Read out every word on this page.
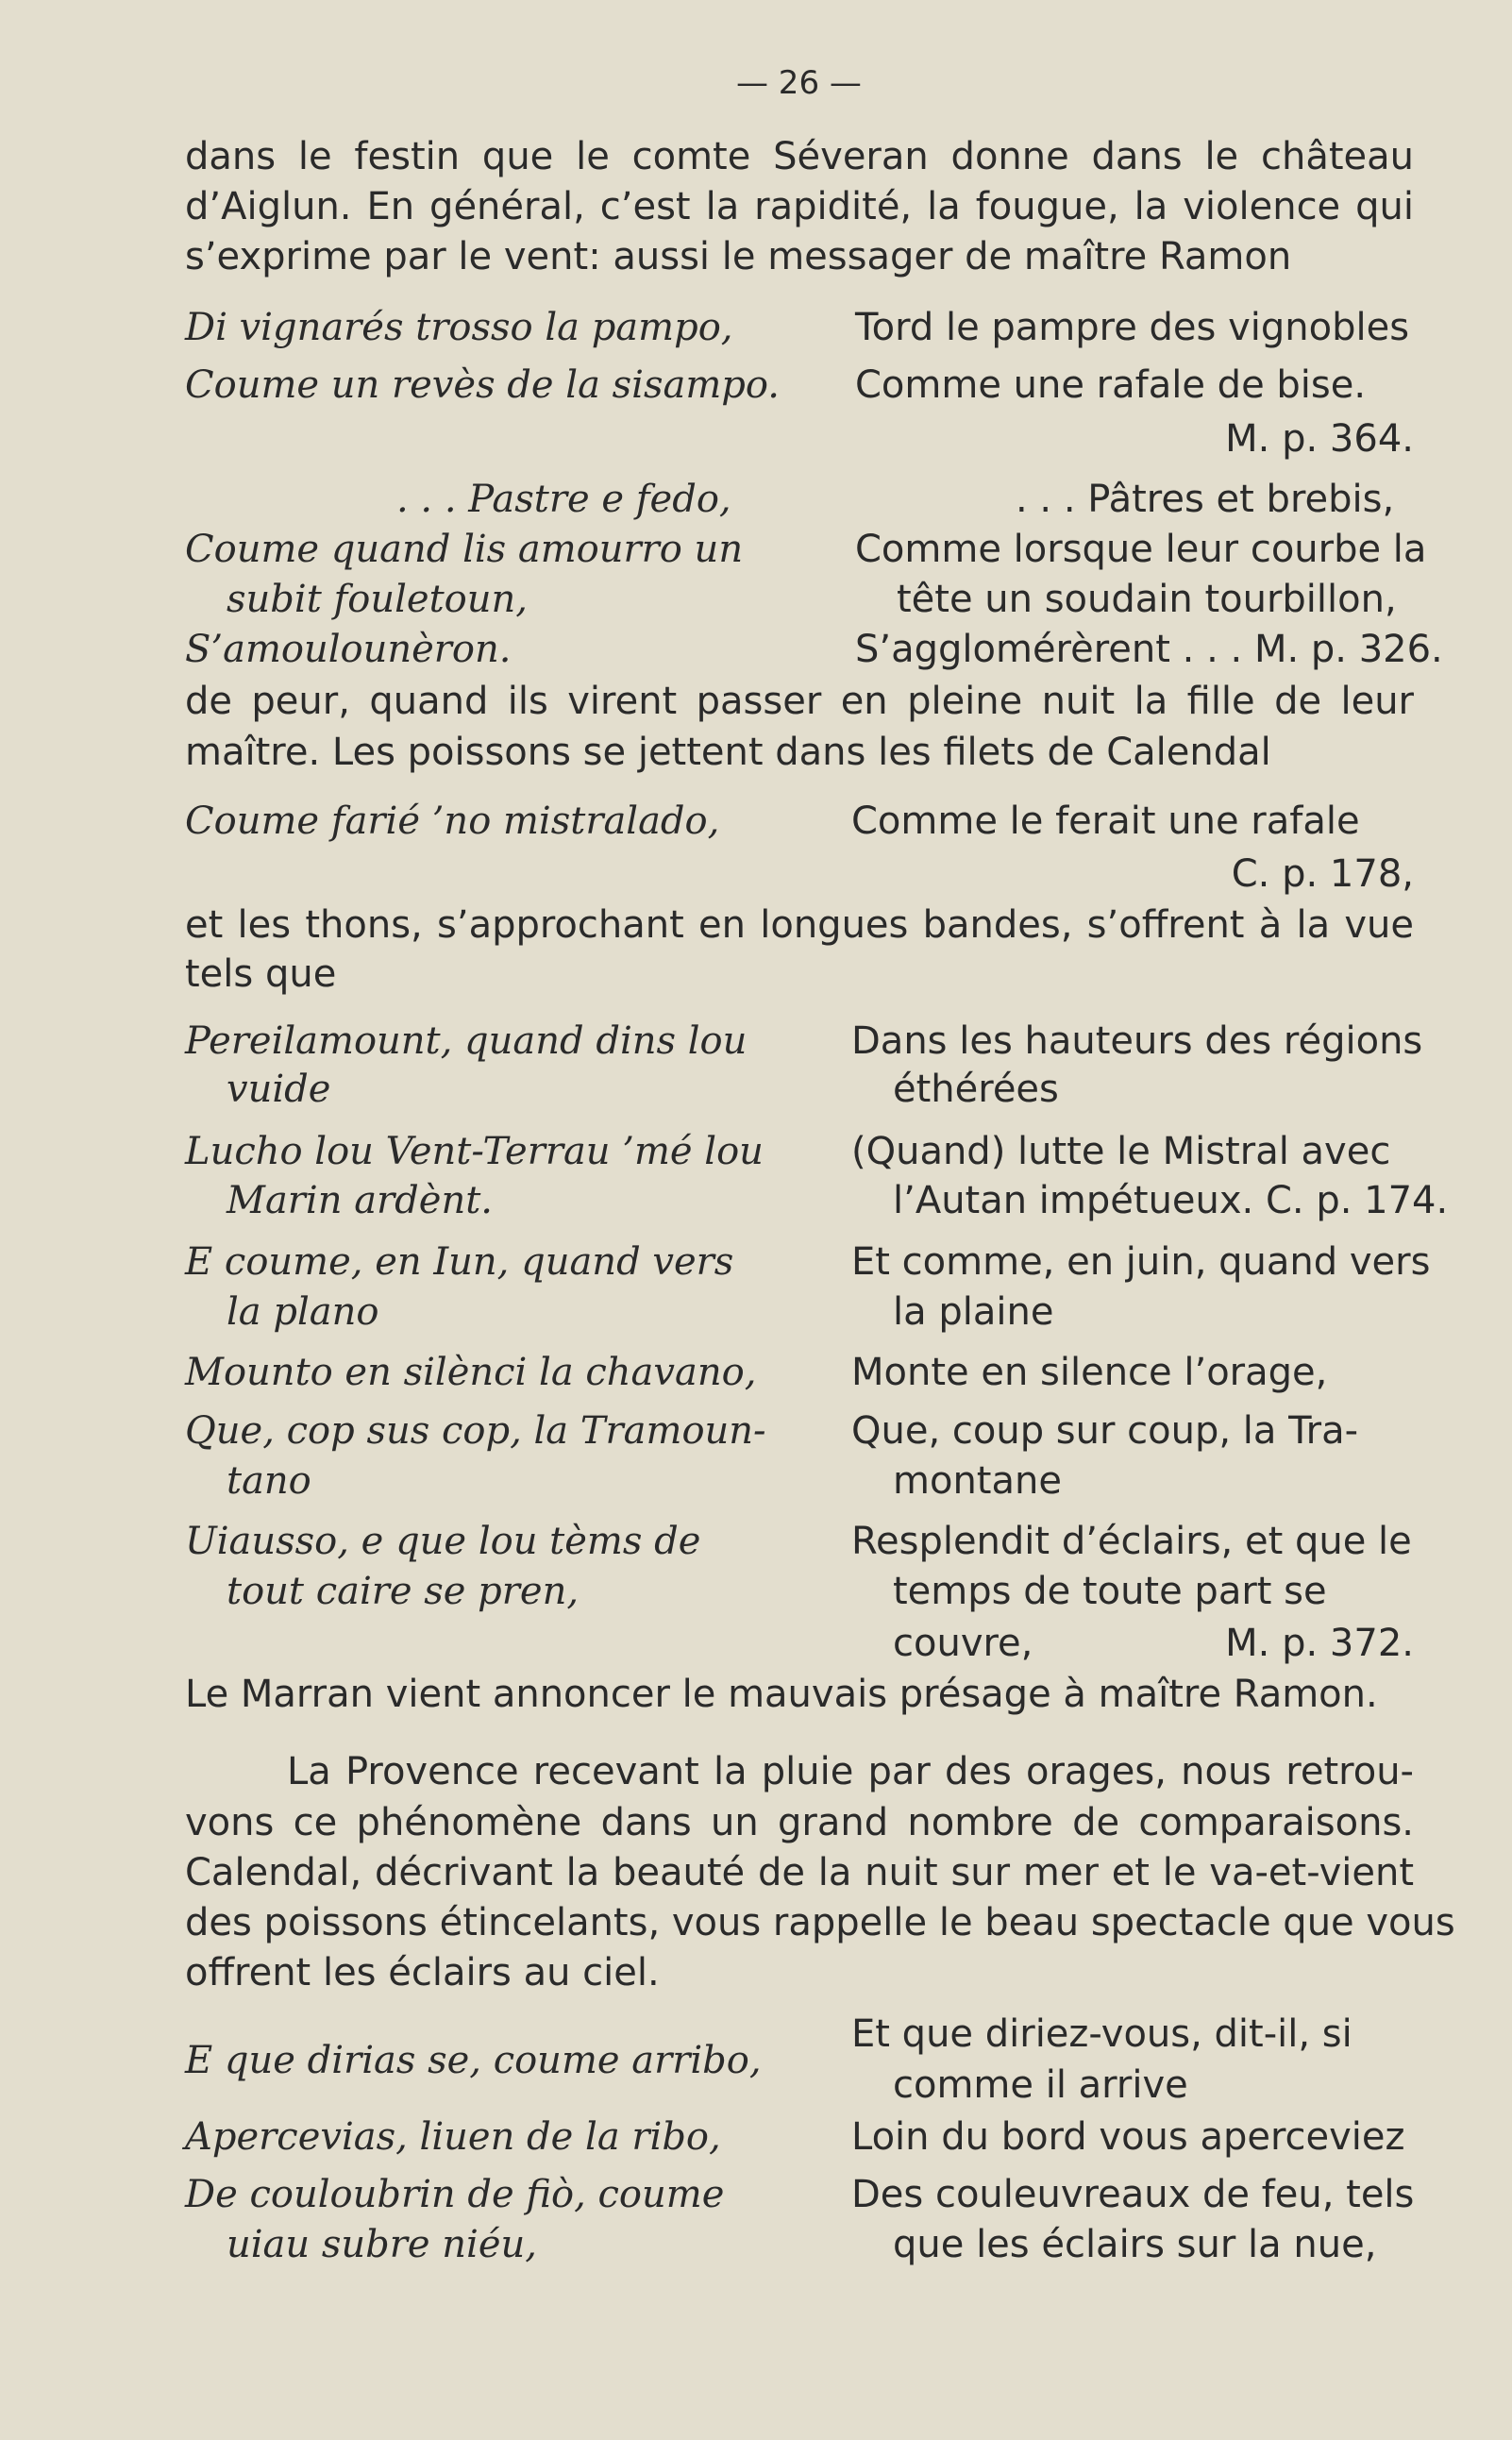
— 26 —
dans le festin que le comte Séveran donne dans le château
d’Aiglun. En général, c’est la rapidité, la fougue, la violence qui
s’exprime par le vent: aussi le messager de maître Ramon
Di vignarés trosso la pampo,
Coume un revès de la sisampo.
Tord le pampre des vignobles
Comme une rafale de bise.
M. p. 364.
. . . Pastre e fedo,
Coume quand lis amourro un
subit fouletoun,
S’amoulounèron.
. . . Pâtres et brebis,
Comme lorsque leur courbe la
tête un soudain tourbillon,
S’agglomérèrent . . . M. p. 326.
de peur, quand ils virent passer en pleine nuit la fille de leur
maître. Les poissons se jettent dans les filets de Calendal
Coume farié ’no mistralado,	Comme le ferait une rafale
C. p. 178,
et les thons, s’approchant en longues bandes, s’offrent à la vue
tels que
Pereilamount, quand dins lou
vuide
Lucho lou Vent-Terrau ’mé lou
Marin ardènt.
E coume, en Iun, quand vers
la plano
Mounto en silènci la chavano,
Que, cop sus cop, la Tramoun-
tano
Uiausso, e que lou tèms de
tout caire se pren,
Dans les hauteurs des régions
éthérées
(Quand) lutte le Mistral avec
l’Autan impétueux. C. p. 174.
Et comme, en juin, quand vers
la plaine
Monte en silence l’orage,
Que, coup sur coup, la Tra-
montane
Resplendit d’éclairs, et que le
temps de toute part se
couvre,	M. p. 372.
Le Marran vient annoncer le mauvais présage à maître Ramon.
La Provence recevant la pluie par des orages, nous retrou-
vons ce phénomène dans un grand nombre de comparaisons.
Calendal, décrivant la beauté de la nuit sur mer et le va-et-vient
des poissons étincelants, vous rappelle le beau spectacle que vous
offrent les éclairs au ciel.
E que dirias se, coume arribo,
Apercevias, liuen de la ribo,
De couloubrin de fiò, coume
uiau subre niéu,
Et que diriez-vous, dit-il, si
comme il arrive
Loin du bord vous aperceviez
Des couleuvreaux de feu, tels
que les éclairs sur la nue,
